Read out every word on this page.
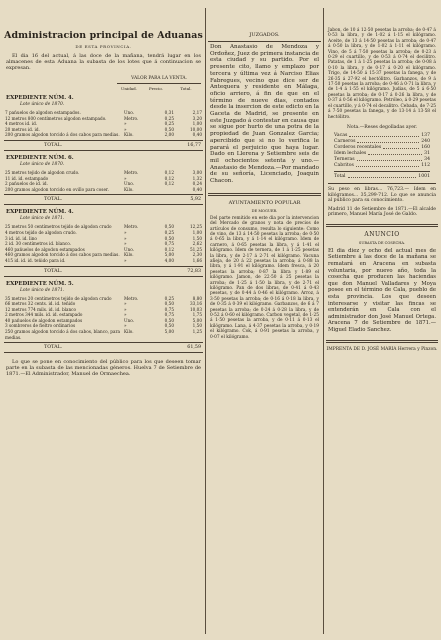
Administracion principal de Aduanas
DE ESTA PROVINCIA.
El dia 16 del actual, á las doce de la mañana, tendrá lugar en los almacenes de esta Aduana la subasta de los lotes que á continuacion se expresan.
VALOR PARA LA VENTA.
Unidad.	Precio.	Total.
EXPEDIENTE NÚM. 4.
Lote único de 1870.
7 pañuelos de algodon estampados.	Uno.	0,31	2,17
12 metros 800 centímetros algodon estampado.	Metro.	0,25	3,20
4 metros id. id.	»	0,25	1,00
20 metros id. id.	»	0,50	10,00
200 gramos algodon torcido á dos cabos para medias.	Kilo.	2,00	0,40
TOTAL.	16,77
EXPEDIENTE NÚM. 6.
Lote único de 1870.
25 metros tejido de algodon crudo.	Metro.	0,12	3,00
11 id. id. estampado	»	0,12	1,32
2 pañuelos de id. id.	Uno.	0,12	0,24
200 gramos algodon torcido en ovillo para coser.	Kilo.		0,40
TOTAL.	5,92
EXPEDIENTE NÚM. 4.
Lote único de 1871.
25 metros 50 centímetros tejido de algodon crudo	Metro.	0,50	12,25
4 metros tejido de algodon crudo.	»	0,25	1,00
3 id. id. id. lino	»	0,50	1,50
2 id. 30 centímetros id. blanco.	»	0,75	2,62
460 pañuelos de algodon estampados	Uno.	0,12	51,25
460 gramos algodon torcido á dos cabos para medias.	Kilo.	5,00	2,30
415 id. id. id. teñido para id.	»	4,00	1,66
TOTAL.	72,83
EXPEDIENTE NÚM. 5.
Lote único de 1871.
35 metros 20 centímetros tejido de algodon crudo	Metro.	0,25	8,80
66 metros 32 cents. id. id. teñido	»	0,50	33,16
12 metros 774 mils. id. id. blanco	»	0,75	10,03
2 metros 344 mils. id. id. estampado	»	0,75	1,75
40 pañuelos de algodon estampados	Uno.	0,50	5,00
3 sombreros de fieltro ordinarios	»	0,50	1,50
250 gramos algodon torcido á dos cabos, blanco, para medias.	Kilo.	5,00	1,25
TOTAL.	61,59
Lo que se pone en conocimiento del público para los que deseen tomar parte en la subasta de las mencionadas géneros. Huelva 7 de Setiembre de 1871.—El Administrador, Manuel de Ormaechea.
JUZGADOS.
Don Anastasio de Mendoza y Ordoñez, Juez de primera instancia de esta ciudad y su partido. Por el presente cito, llamo y emplazo por tercera y última vez á Narciso Elias Fabregues, vecino que dice ser de Antequera y residente en Málaga, oficio arriero, á fin de que en el término de nueve dias, contados desde la insercion de este edicto en la Gaceta de Madrid, se presente en este Juzgado á contestar en causa que se sigue por hurto de una potra de la propiedad de Juan Gonzalez Garcia; apercibido que si no lo verifica le parará el perjuicio que haya lugar. Dado en Llerena y Setiembre seis de mil ochocientos setenta y uno.—Anastasio de Mendoza.—Por mandado de su señoría, Licenciado, Joaquin Chacon.
AYUNTAMIENTO POPULAR
DE MOGUER.
Del parte remitido en este dia por la intervencion del Mercado de granos y nota de precios de artículos de consumo, resulta lo siguiente: Como de vino, de 13 á 14·50 pesetas la arroba; de 0·50 á 0·65 la libra, y á 1·14 el kilógramo. Idem de carnero, á 0·65 pesetas la libra, y á 1·41 el kilógramo. Idem de ternera, de 1 á 1·25 pesetas la libra, y de 2·17 á 2·71 el kilógramo. Vacuna añeja, de 20 á 22 pesetas la arroba; á 0·88 la libra, y á 1·91 el kilógramo. Idem fresca, á 20 pesetas la arroba; 0·87 la libra y 1·89 el kilógramo. Jamon, de 22·50 á 25 pesetas la arroba; de 1·25 á 1·50 la libra, y de 2·71 el kilógramo. Pan de dos libras, de 0·41 á 0·43 pesetas, y de 0·44 á 0·46 el kilógramo. Arroz, á 3·50 pesetas la arroba; de 0·16 á 0·18 la libra, y de 0·35 á 0·39 el kilógramo. Garbanzos, de 6 á 7 pesetas la arroba; de 0·24 á 0·28 la libra, y de 0·52 á 0·60 el kilógramo. Carbon vegetal, de 1·25 á 1·50 pesetas la arroba, y de 0·11 á 0·13 el kilógramo. Lana, á 4·37 pesetas la arroba, y 0·19 el kilógramo. Cok, á 0·91 pesetas la arroba, y 0·07 el kilógramo.
Jabon, de 10 á 12·50 pesetas la arroba; de 0·47 á 0·53 la libra, y de 1·02 á 1·15 el kilógramo. Aceite, de 13 á 14·50 pesetas la arroba; de 0·47 á 0·50 la libra, y de 1·02 á 1·11 el kilógramo. Vino, de 5 á 7·50 pesetas la arroba; de 0·23 á 0·29 el cuartillo, y de 0·53 á 0·74 el decilitro. Patatas, de 1 á 1·25 pesetas la arroba; de 0·08 á 0·10 la libra, y de 0·17 á 0·20 el kilógramo. Trigo, de 14·50 á 15·37 pesetas la fanega, y de 26·35 á 27·92 el hectólitro. Garbanzos, de 9 á 17·50 pesetas la arroba; de 0·46 á 0·71 la libra, y de 1·4 á 1·55 el kilógramo. Judias, de 5 á 6·50 pesetas la arroba; de 0·17 á 0·26 la libra, y de 0·37 á 0·56 el kilógramo. Petróleo, á 0·29 pesetas el cuartillo, y á 0·74 el decalitro. Cebada, de 7·25 á 7·50 pesetas la fanega, y de 13·14 á 13·58 el hectólitro.
Nota.—Reses degolladas ayer.
Vacas	137
Carneros	240
Corderos recentales	160
Idem lechales	31
Terneras	34
Cabritos	112
Total	1001
Su peso en libras... 76,723.— Idem en kilógramos... 35,299·712. Lo que se anuncia al público para su conocimiento.
Madrid 11 de Setiembre de 1871.—El alcalde primero, Manuel María José de Galdo.
ANUNCIO
SUBASTA DE COSECHA.
El dia diez y ocho del actual mes de Setiembre á las doce de la mañana se rematará en Aracena en subasta voluntaria, por nuevo año, toda la cosecha que producen las haciendas que don Manuel Valladares y Moya posee en el término de Cala, pueblo de esta provincia. Los que deseen interesarse y visitar las fincas se entenderán en Cala con el administrador don José Manuel Ortega. Aracena 7 de Setiembre de 1871.—Miguel Eladio Sanchez.
IMPRENTA DE D. JOSÉ MARIA Herrera y Pinzon.
